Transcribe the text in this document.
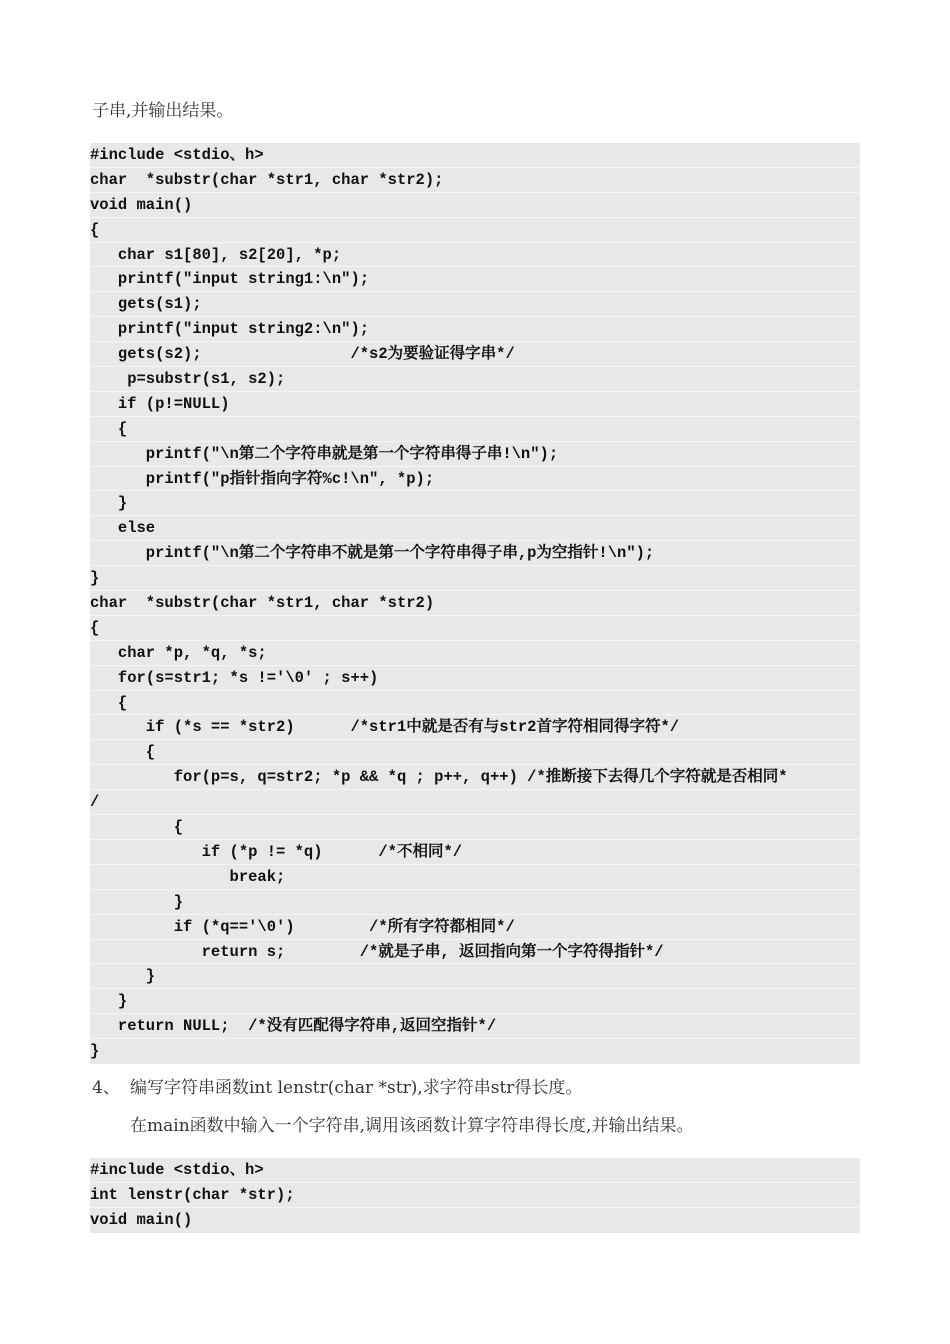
子串,并输出结果。
#include <stdio、h>
char  *substr(char *str1, char *str2);
void main()
{
char s1[80], s2[20], *p;
printf("input string1:\n");
gets(s1);
printf("input string2:\n");
gets(s2);                /*s2为要验证得字串*/
p=substr(s1, s2);
if (p!=NULL)
{
printf("\n第二个字符串就是第一个字符串得子串!\n");
printf("p指针指向字符%c!\n", *p);
}
else
printf("\n第二个字符串不就是第一个字符串得子串,p为空指针!\n");
}
char  *substr(char *str1, char *str2)
{
char *p, *q, *s;
for(s=str1; *s !='\0' ; s++)
{
if (*s == *str2)      /*str1中就是否有与str2首字符相同得字符*/
{
for(p=s, q=str2; *p && *q ; p++, q++) /*推断接下去得几个字符就是否相同*
/
{
if (*p != *q)      /*不相同*/
break;
}
if (*q=='\0')        /*所有字符都相同*/
return s;        /*就是子串, 返回指向第一个字符得指针*/
}
}
return NULL;  /*没有匹配得字符串,返回空指针*/
}
4、 编写字符串函数int lenstr(char *str),求字符串str得长度。
在main函数中输入一个字符串,调用该函数计算字符串得长度,并输出结果。
#include <stdio、h>
int lenstr(char *str);
void main()
